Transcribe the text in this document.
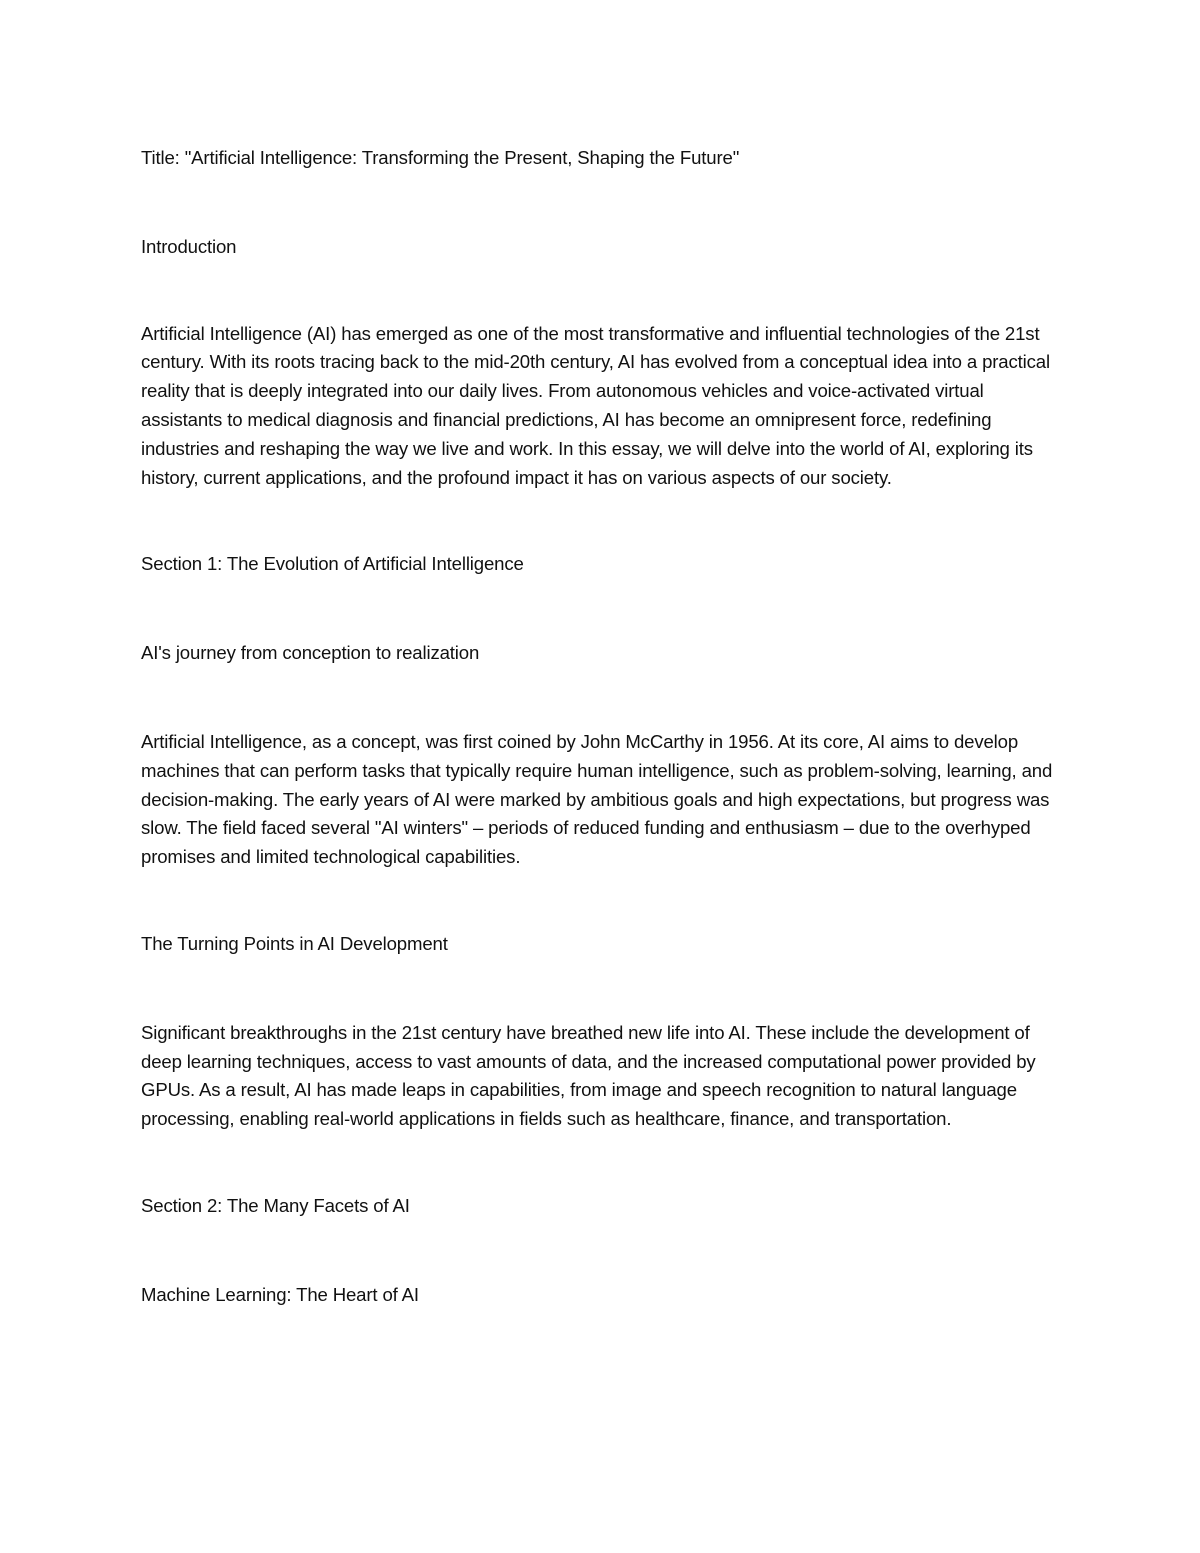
Title: "Artificial Intelligence: Transforming the Present, Shaping the Future"

Introduction

Artificial Intelligence (AI) has emerged as one of the most transformative and influential technologies of the 21st century. With its roots tracing back to the mid-20th century, AI has evolved from a conceptual idea into a practical reality that is deeply integrated into our daily lives. From autonomous vehicles and voice-activated virtual assistants to medical diagnosis and financial predictions, AI has become an omnipresent force, redefining industries and reshaping the way we live and work. In this essay, we will delve into the world of AI, exploring its history, current applications, and the profound impact it has on various aspects of our society.

Section 1: The Evolution of Artificial Intelligence

AI's journey from conception to realization

Artificial Intelligence, as a concept, was first coined by John McCarthy in 1956. At its core, AI aims to develop machines that can perform tasks that typically require human intelligence, such as problem-solving, learning, and decision-making. The early years of AI were marked by ambitious goals and high expectations, but progress was slow. The field faced several "AI winters" – periods of reduced funding and enthusiasm – due to the overhyped promises and limited technological capabilities.

The Turning Points in AI Development

Significant breakthroughs in the 21st century have breathed new life into AI. These include the development of deep learning techniques, access to vast amounts of data, and the increased computational power provided by GPUs. As a result, AI has made leaps in capabilities, from image and speech recognition to natural language processing, enabling real-world applications in fields such as healthcare, finance, and transportation.

Section 2: The Many Facets of AI

Machine Learning: The Heart of AI
